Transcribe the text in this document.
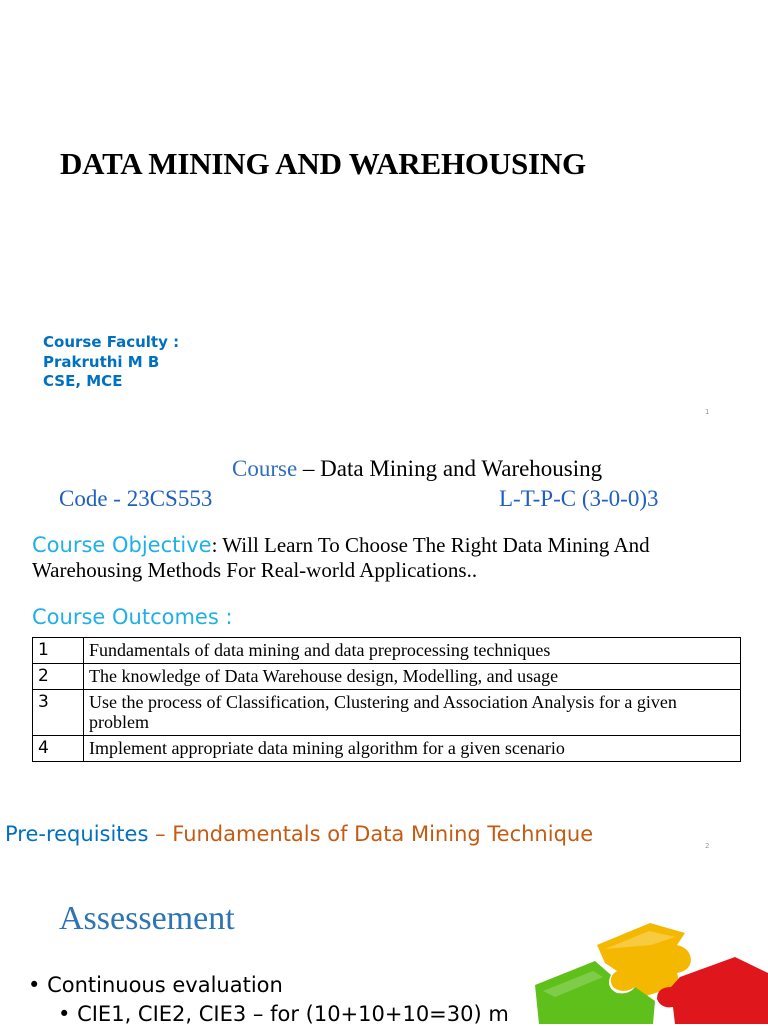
DATA MINING AND WAREHOUSING
Course Faculty :
Prakruthi M B
CSE, MCE
1
Course – Data Mining and Warehousing
Code - 23CS553	L-T-P-C (3-0-0)3
Course Objective: Will Learn To Choose The Right Data Mining And Warehousing Methods For Real-world Applications..
Course Outcomes :
1	Fundamentals of data mining and data preprocessing techniques
2	The knowledge of Data Warehouse design, Modelling, and usage
3	Use the process of Classification, Clustering and Association Analysis for a given problem
4	Implement appropriate data mining algorithm for a given scenario
Pre-requisites – Fundamentals of Data Mining Technique	2
Assessement
• Continuous evaluation
• CIE1, CIE2, CIE3 – for (10+10+10=30) m
